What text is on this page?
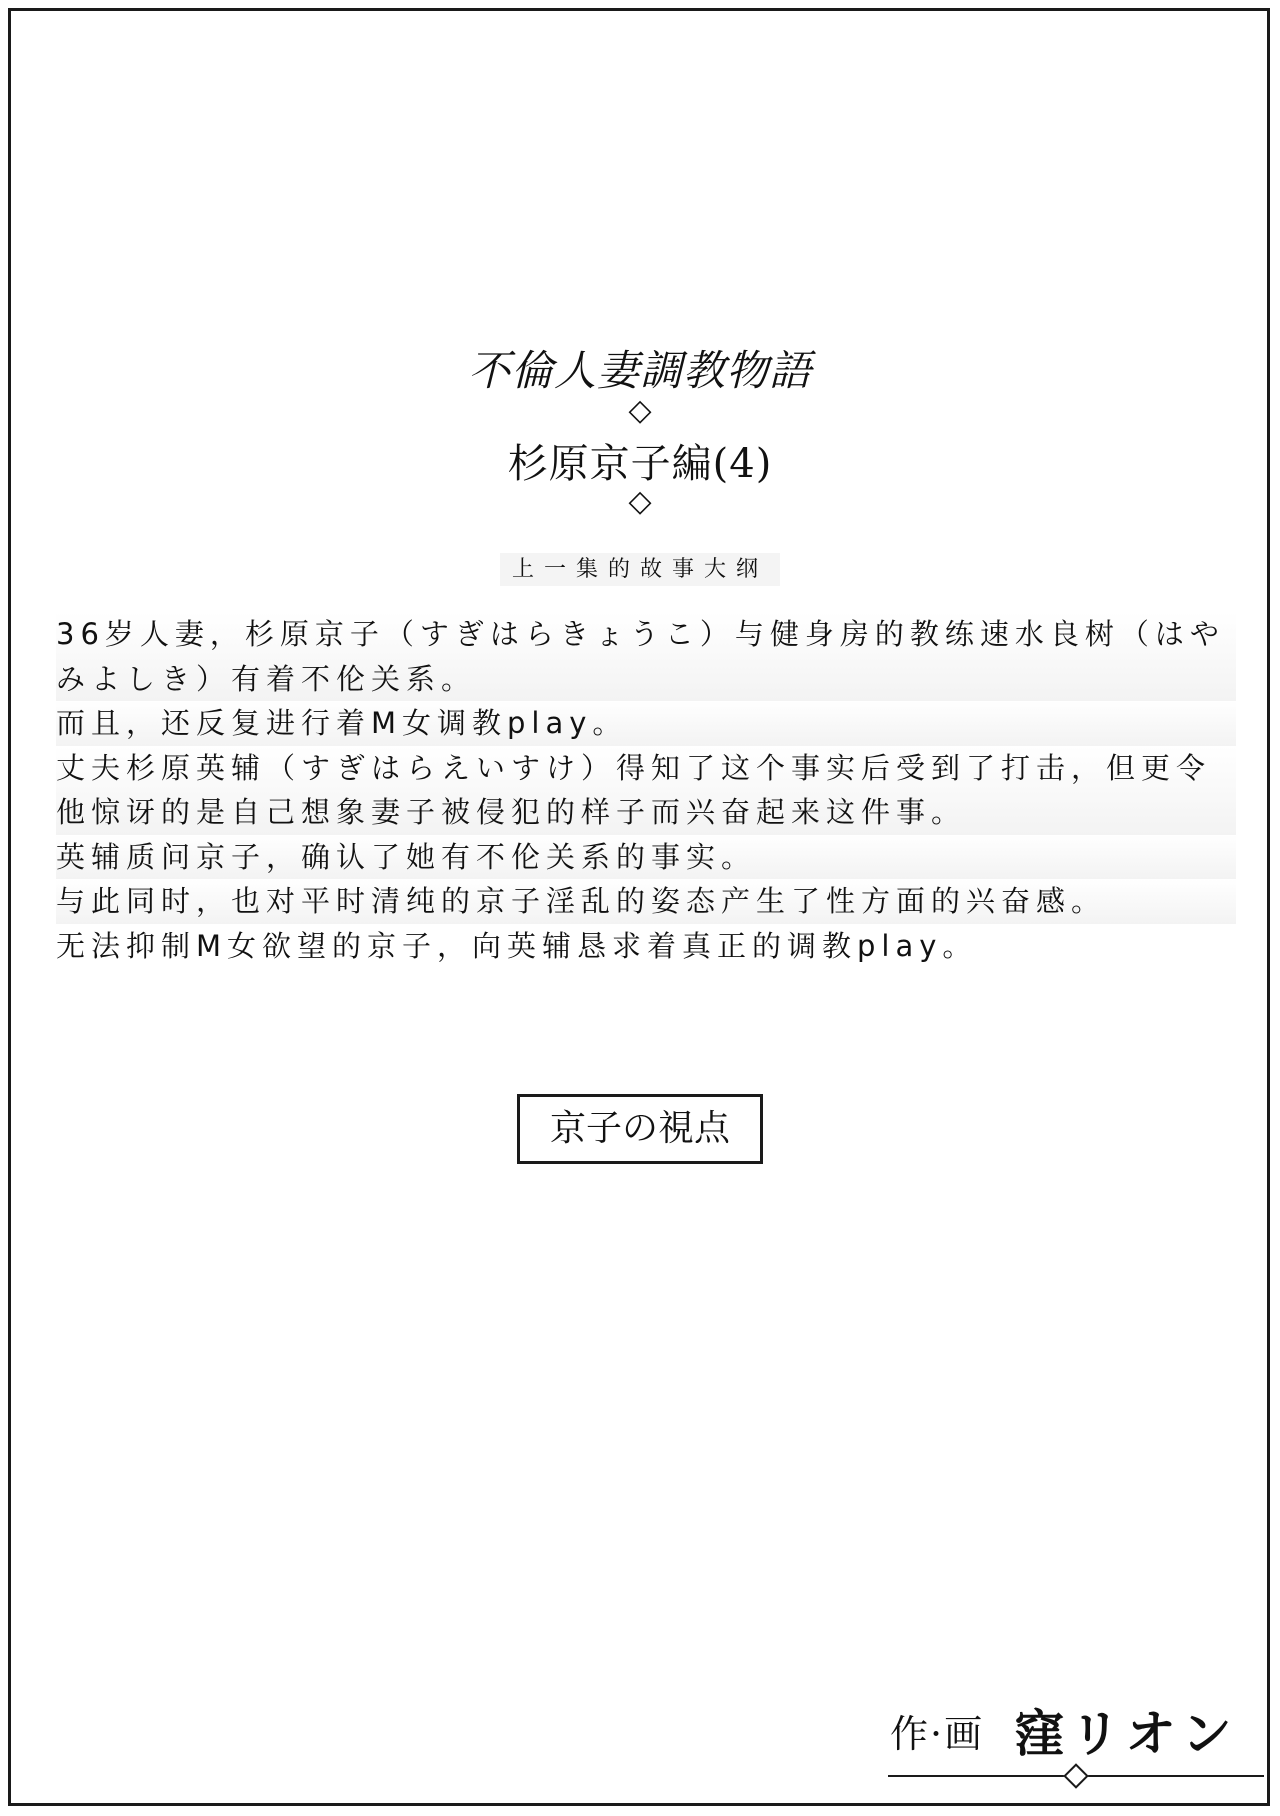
不倫人妻調教物語
◇
杉原京子編(4)
◇
上一集的故事大纲

36岁人妻，杉原京子（すぎはらきょうこ）与健身房的教练速水良树（はやみよしき）有着不伦关系。

而且，还反复进行着M女调教play。

丈夫杉原英辅（すぎはらえいすけ）得知了这个事实后受到了打击，但更令他惊讶的是自己想象妻子被侵犯的样子而兴奋起来这件事。

英辅质问京子，确认了她有不伦关系的事实。

与此同时，也对平时清纯的京子淫乱的姿态产生了性方面的兴奋感。

无法抑制M女欲望的京子，向英辅恳求着真正的调教play。

京子の視点
作·画 窪リオン
